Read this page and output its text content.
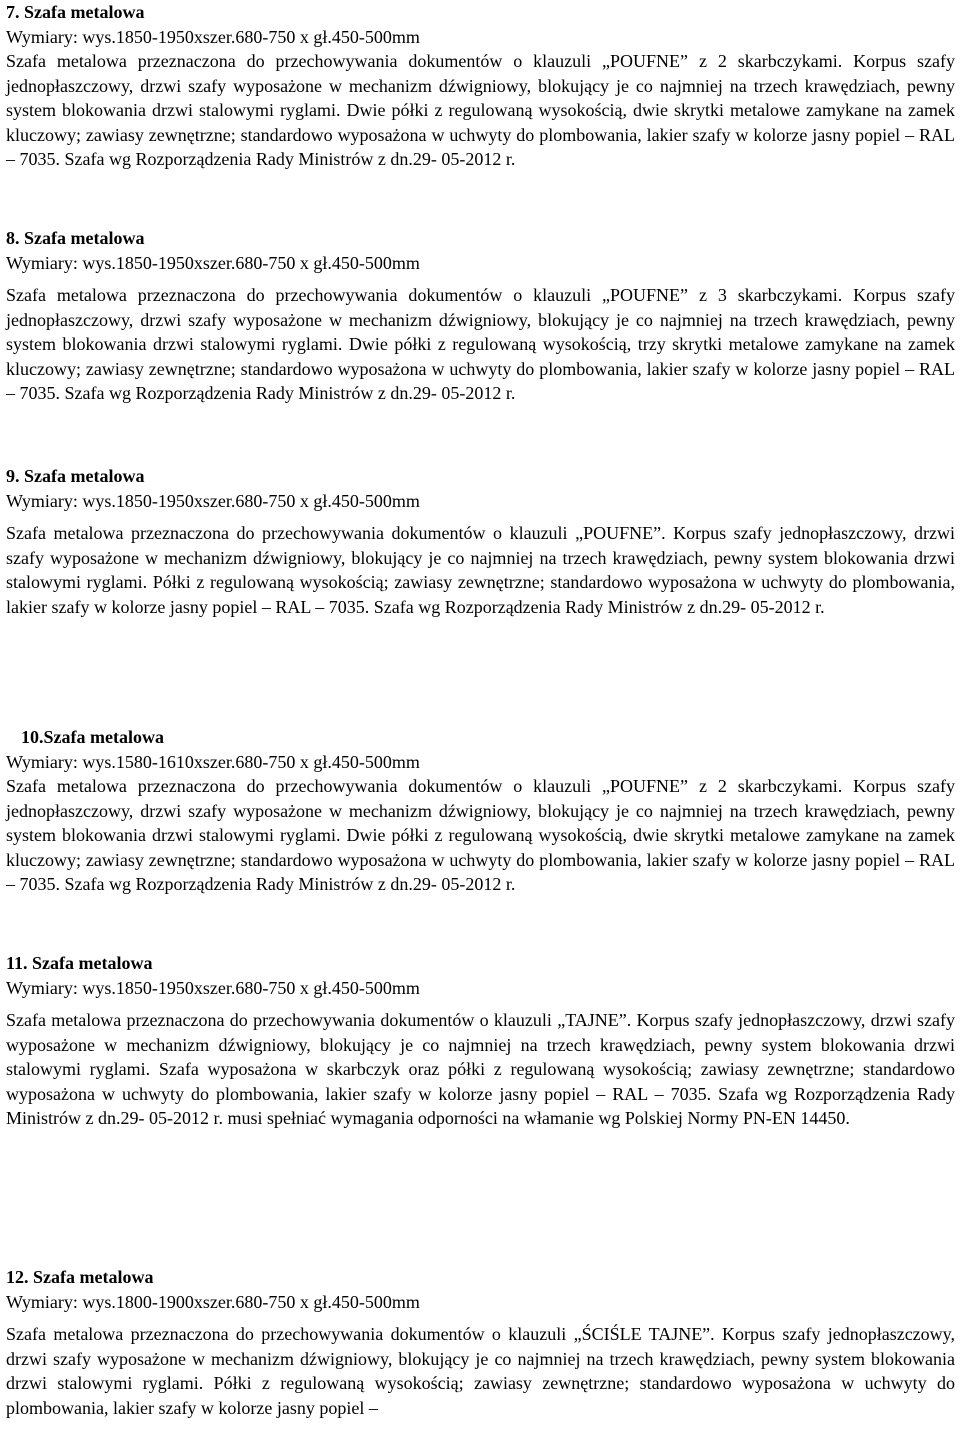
7. Szafa metalowa

Wymiary: wys.1850-1950xszer.680-750 x gł.450-500mm

Szafa metalowa przeznaczona do przechowywania dokumentów o klauzuli „POUFNE” z 2 skarbczykami. Korpus szafy jednopłaszczowy, drzwi szafy wyposażone w mechanizm dźwigniowy, blokujący je co najmniej na trzech krawędziach, pewny system blokowania drzwi stalowymi ryglami. Dwie półki z regulowaną wysokością, dwie skrytki metalowe zamykane na zamek kluczowy; zawiasy zewnętrzne; standardowo wyposażona w uchwyty do plombowania, lakier szafy w kolorze jasny popiel – RAL – 7035. Szafa wg Rozporządzenia Rady Ministrów z dn.29- 05-2012 r.

8. Szafa metalowa

Wymiary: wys.1850-1950xszer.680-750 x gł.450-500mm

Szafa metalowa przeznaczona do przechowywania dokumentów o klauzuli „POUFNE” z 3 skarbczykami. Korpus szafy jednopłaszczowy, drzwi szafy wyposażone w mechanizm dźwigniowy, blokujący je co najmniej na trzech krawędziach, pewny system blokowania drzwi stalowymi ryglami. Dwie półki z regulowaną wysokością, trzy skrytki metalowe zamykane na zamek kluczowy; zawiasy zewnętrzne; standardowo wyposażona w uchwyty do plombowania, lakier szafy w kolorze jasny popiel – RAL – 7035. Szafa wg Rozporządzenia Rady Ministrów z dn.29- 05-2012 r.

9. Szafa metalowa

Wymiary: wys.1850-1950xszer.680-750 x gł.450-500mm

Szafa metalowa przeznaczona do przechowywania dokumentów o klauzuli „POUFNE”. Korpus szafy jednopłaszczowy, drzwi szafy wyposażone w mechanizm dźwigniowy, blokujący je co najmniej na trzech krawędziach, pewny system blokowania drzwi stalowymi ryglami. Półki z regulowaną wysokością; zawiasy zewnętrzne; standardowo wyposażona w uchwyty do plombowania, lakier szafy w kolorze jasny popiel – RAL – 7035. Szafa wg Rozporządzenia Rady Ministrów z dn.29- 05-2012 r.

10.Szafa metalowa

Wymiary: wys.1580-1610xszer.680-750 x gł.450-500mm

Szafa metalowa przeznaczona do przechowywania dokumentów o klauzuli „POUFNE” z 2 skarbczykami. Korpus szafy jednopłaszczowy, drzwi szafy wyposażone w mechanizm dźwigniowy, blokujący je co najmniej na trzech krawędziach, pewny system blokowania drzwi stalowymi ryglami. Dwie półki z regulowaną wysokością, dwie skrytki metalowe zamykane na zamek kluczowy; zawiasy zewnętrzne; standardowo wyposażona w uchwyty do plombowania, lakier szafy w kolorze jasny popiel – RAL – 7035. Szafa wg Rozporządzenia Rady Ministrów z dn.29- 05-2012 r.

11. Szafa metalowa

Wymiary: wys.1850-1950xszer.680-750 x gł.450-500mm

Szafa metalowa przeznaczona do przechowywania dokumentów o klauzuli „TAJNE”. Korpus szafy jednopłaszczowy, drzwi szafy wyposażone w mechanizm dźwigniowy, blokujący je co najmniej na trzech krawędziach, pewny system blokowania drzwi stalowymi ryglami. Szafa wyposażona w skarbczyk oraz półki z regulowaną wysokością; zawiasy zewnętrzne; standardowo wyposażona w uchwyty do plombowania, lakier szafy w kolorze jasny popiel – RAL – 7035. Szafa wg Rozporządzenia Rady Ministrów z dn.29- 05-2012 r. musi spełniać wymagania odporności na włamanie wg Polskiej Normy PN-EN 14450.

12. Szafa metalowa

Wymiary: wys.1800-1900xszer.680-750 x gł.450-500mm

Szafa metalowa przeznaczona do przechowywania dokumentów o klauzuli „ŚCIŚLE TAJNE”. Korpus szafy jednopłaszczowy, drzwi szafy wyposażone w mechanizm dźwigniowy, blokujący je co najmniej na trzech krawędziach, pewny system blokowania drzwi stalowymi ryglami. Półki z regulowaną wysokością; zawiasy zewnętrzne; standardowo wyposażona w uchwyty do plombowania, lakier szafy w kolorze jasny popiel –
